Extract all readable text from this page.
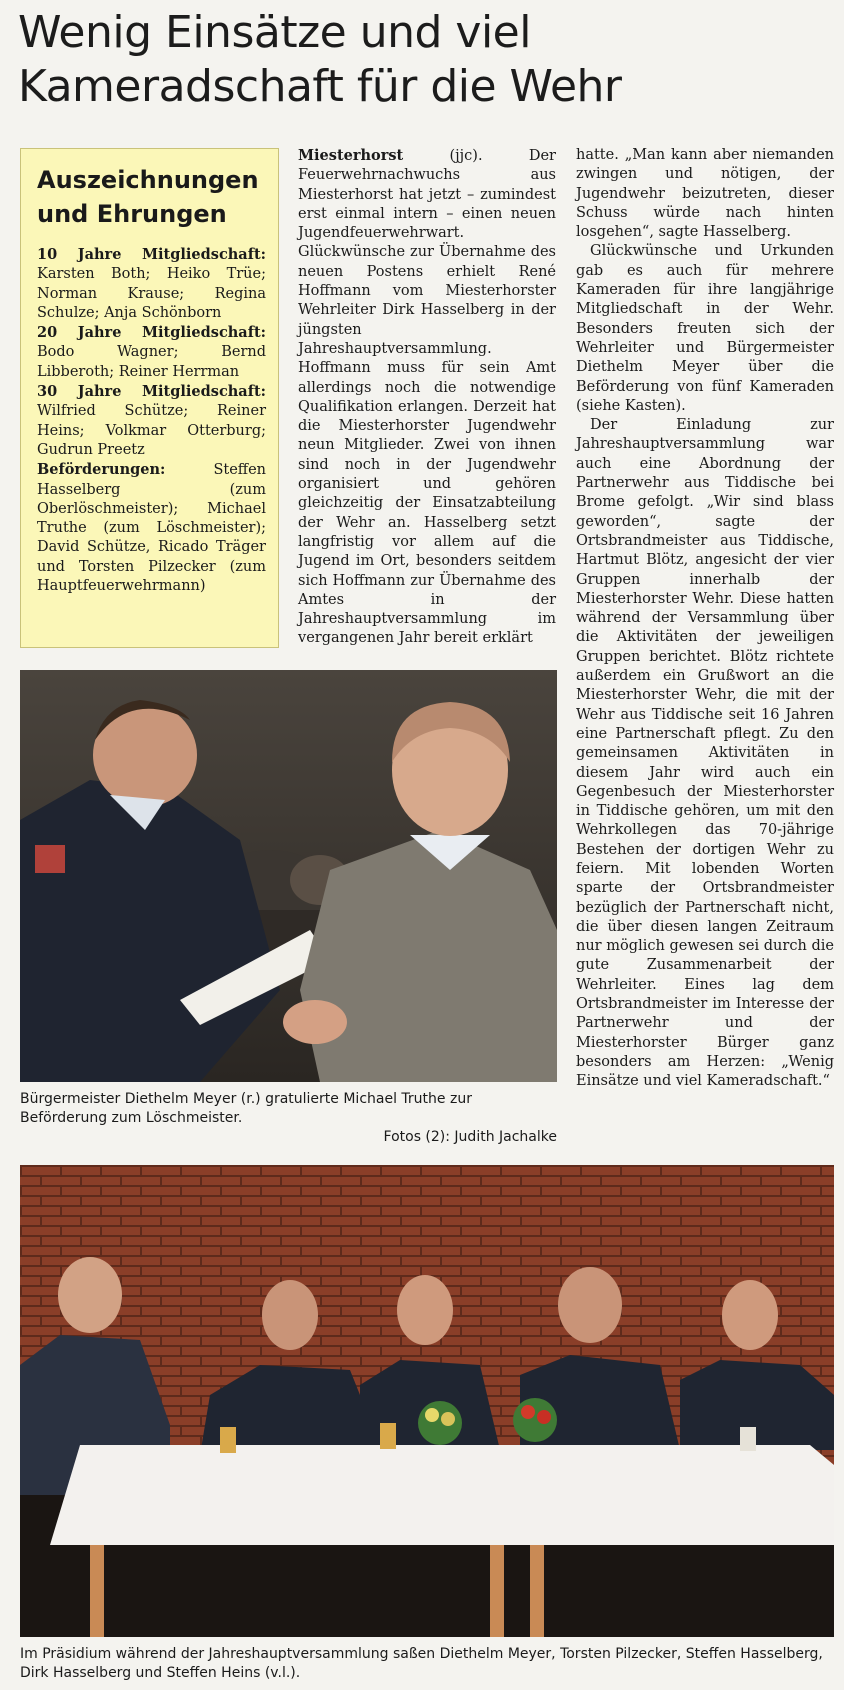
Wenig Einsätze und viel
Kameradschaft für die Wehr
Auszeichnungen
und Ehrungen

10 Jahre Mitgliedschaft: Karsten Both; Heiko Trüe; Norman Krause; Regina Schulze; Anja Schönborn

20 Jahre Mitgliedschaft: Bodo Wagner; Bernd Libberoth; Reiner Herrman

30 Jahre Mitgliedschaft: Wilfried Schütze; Reiner Heins; Volkmar Otterburg; Gudrun Preetz

Beförderungen:	Steffen Hasselberg (zum Oberlöschmeister); Michael Truthe (zum Löschmeister); David Schütze, Ricado Träger und Torsten Pilzecker (zum Hauptfeuerwehrmann)

Miesterhorst (jjc). Der Feuerwehrnachwuchs aus Miesterhorst hat jetzt – zumindest erst einmal intern – einen neuen Jugendfeuerwehrwart. Glückwünsche zur Übernahme des neuen Postens erhielt René Hoffmann vom Miesterhorster Wehrleiter Dirk Hasselberg in der jüngsten Jahreshauptversammlung. Hoffmann muss für sein Amt allerdings noch die notwendige Qualifikation erlangen. Derzeit hat die Miesterhorster Jugendwehr neun Mitglieder. Zwei von ihnen sind noch in der Jugendwehr organisiert und gehören gleichzeitig der Einsatzabteilung der Wehr an. Hasselberg setzt langfristig vor allem auf die Jugend im Ort, besonders seitdem sich Hoffmann zur Übernahme des Amtes in der Jahreshauptversammlung im vergangenen Jahr bereit erklärt

hatte. „Man kann aber niemanden zwingen und nötigen, der Jugendwehr beizutreten, dieser Schuss würde nach hinten losgehen“, sagte Hasselberg.

Glückwünsche und Urkunden gab es auch für mehrere Kameraden für ihre langjährige Mitgliedschaft in der Wehr. Besonders freuten sich der Wehrleiter und Bürgermeister Diethelm Meyer über die Beförderung von fünf Kameraden (siehe Kasten).

Der Einladung zur Jahreshauptversammlung war auch eine Abordnung der Partnerwehr aus Tiddische bei Brome gefolgt. „Wir sind blass geworden“, sagte der Ortsbrandmeister aus Tiddische, Hartmut Blötz, angesicht der vier Gruppen innerhalb der Miesterhorster Wehr. Diese hatten während der Versammlung über die Aktivitäten der jeweiligen Gruppen berichtet. Blötz richtete außerdem ein Grußwort an die Miesterhorster Wehr, die mit der Wehr aus Tiddische seit 16 Jahren eine Partnerschaft pflegt. Zu den gemeinsamen Aktivitäten in diesem Jahr wird auch ein Gegenbesuch der Miesterhorster in Tiddische gehören, um mit den Wehrkollegen das 70-jährige Bestehen der dortigen Wehr zu feiern. Mit lobenden Worten sparte der Ortsbrandmeister bezüglich der Partnerschaft nicht, die über diesen langen Zeitraum nur möglich gewesen sei durch die gute Zusammenarbeit der Wehrleiter. Eines lag dem Ortsbrandmeister im Interesse der Partnerwehr und der Miesterhorster Bürger ganz besonders am Herzen: „Wenig Einsätze und viel Kameradschaft.“

Bürgermeister Diethelm Meyer (r.) gratulierte Michael Truthe zur Beförderung zum Löschmeister.
Fotos (2): Judith Jachalke
Im Präsidium während der Jahreshauptversammlung saßen Diethelm Meyer, Torsten Pilzecker, Steffen Hasselberg, Dirk Hasselberg und Steffen Heins (v.l.).
